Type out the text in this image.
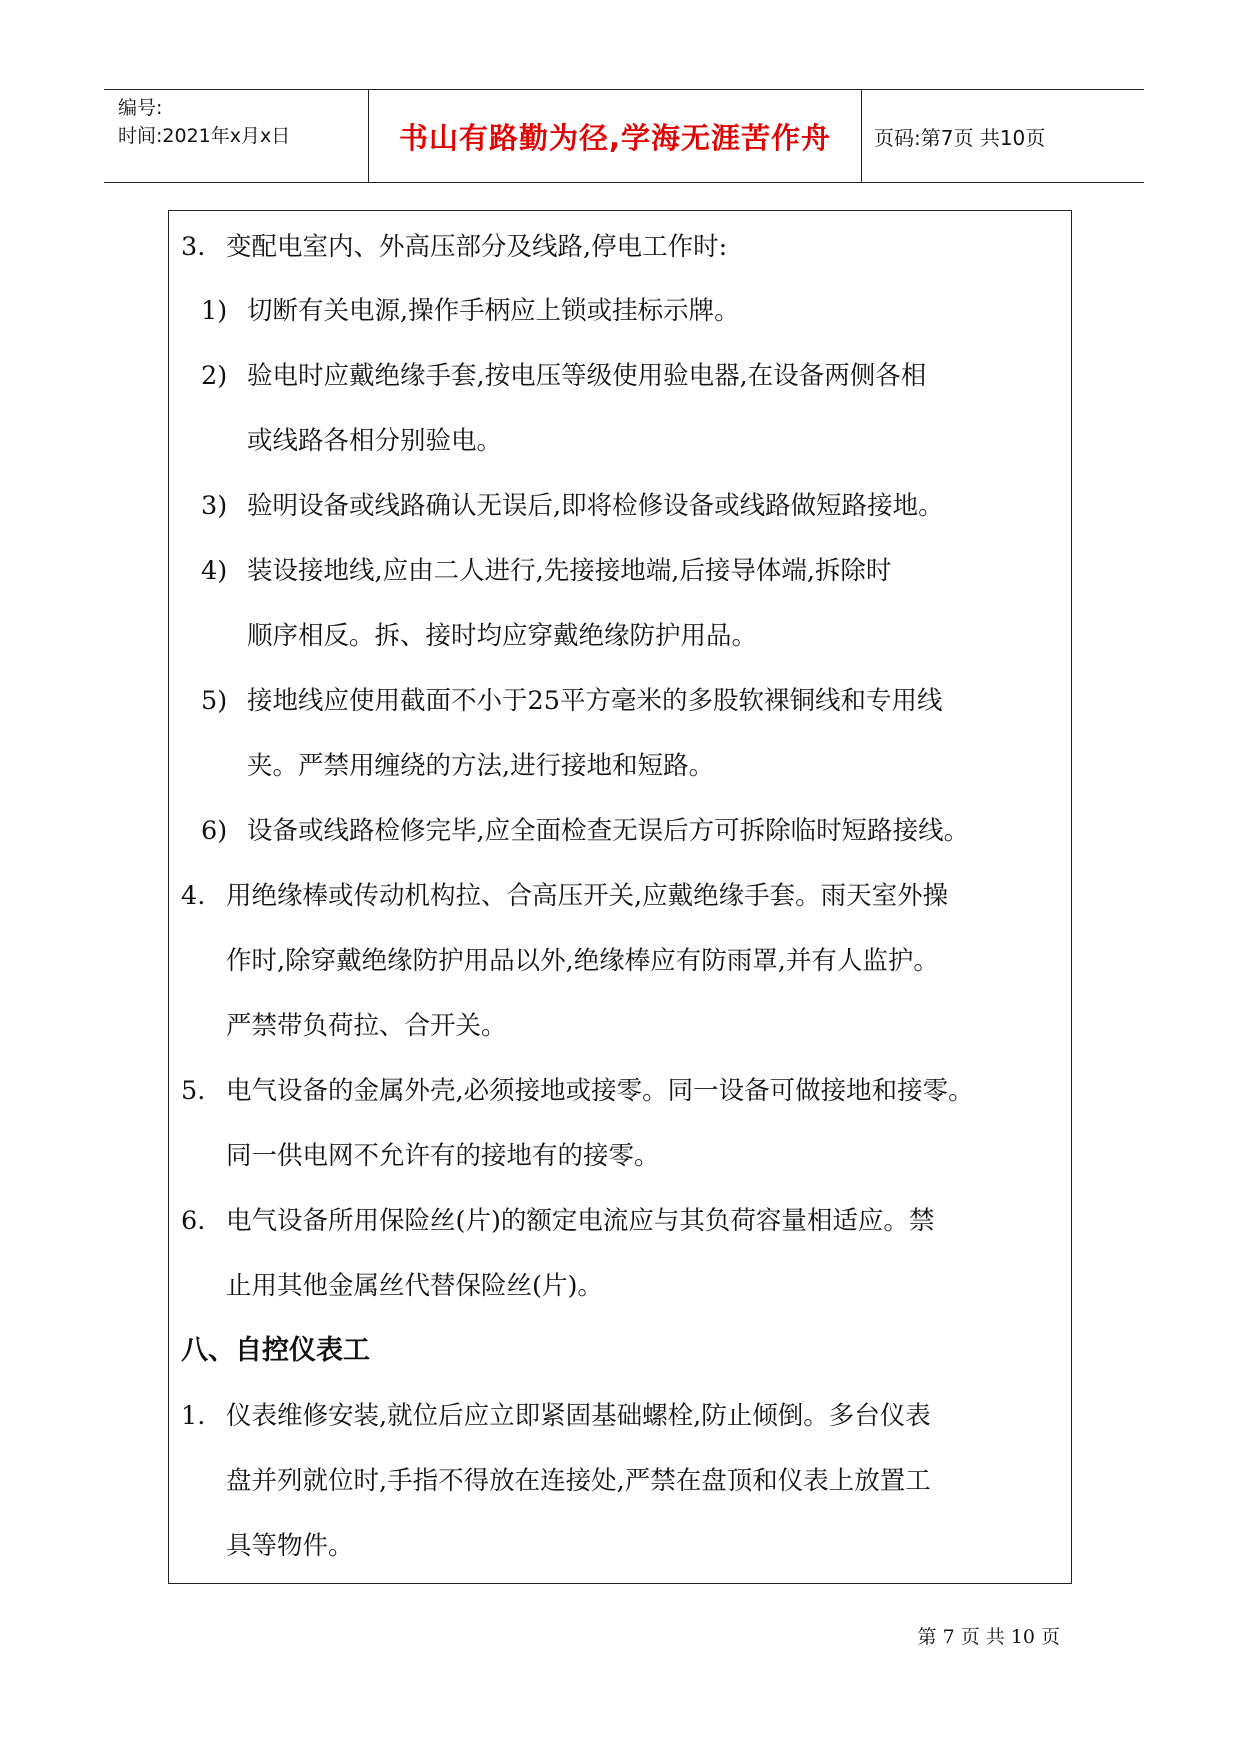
编号:
时间:2021年x月x日	书山有路勤为径,学海无涯苦作舟	页码:第7页 共10页
3. 变配电室内、外高压部分及线路,停电工作时:
1) 切断有关电源,操作手柄应上锁或挂标示牌。
2) 验电时应戴绝缘手套,按电压等级使用验电器,在设备两侧各相
或线路各相分别验电。
3) 验明设备或线路确认无误后,即将检修设备或线路做短路接地。
4) 装设接地线,应由二人进行,先接接地端,后接导体端,拆除时
顺序相反。拆、接时均应穿戴绝缘防护用品。
5) 接地线应使用截面不小于25平方毫米的多股软裸铜线和专用线
夹。严禁用缠绕的方法,进行接地和短路。
6) 设备或线路检修完毕,应全面检查无误后方可拆除临时短路接线。
4. 用绝缘棒或传动机构拉、合高压开关,应戴绝缘手套。雨天室外操
作时,除穿戴绝缘防护用品以外,绝缘棒应有防雨罩,并有人监护。
严禁带负荷拉、合开关。
5. 电气设备的金属外壳,必须接地或接零。同一设备可做接地和接零。
同一供电网不允许有的接地有的接零。
6. 电气设备所用保险丝(片)的额定电流应与其负荷容量相适应。禁
止用其他金属丝代替保险丝(片)。
八、自控仪表工
1. 仪表维修安装,就位后应立即紧固基础螺栓,防止倾倒。多台仪表
盘并列就位时,手指不得放在连接处,严禁在盘顶和仪表上放置工
具等物件。
第 7 页 共 10 页
